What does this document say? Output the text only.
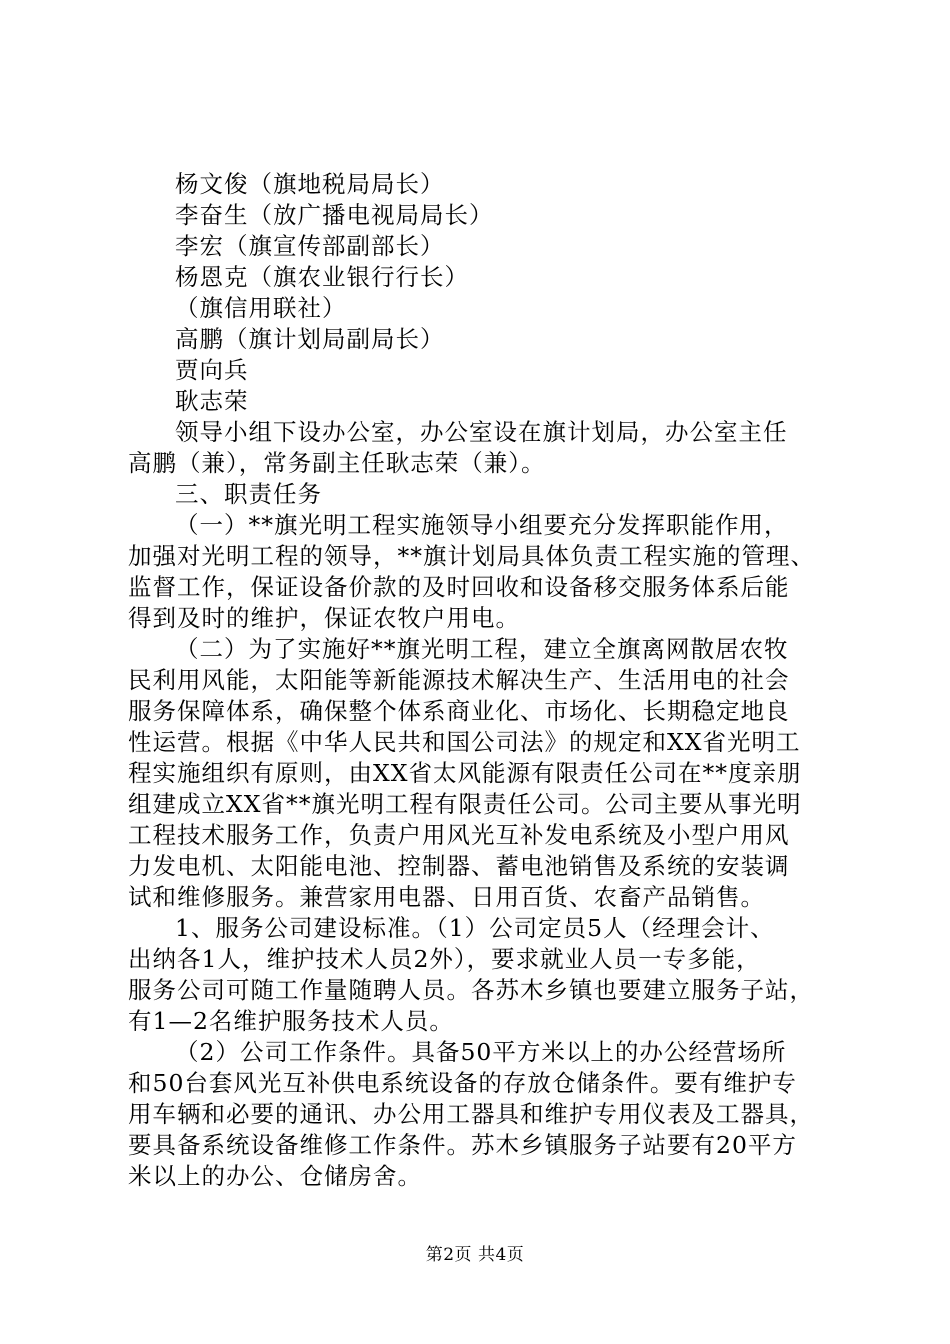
杨文俊（旗地税局局长）
李奋生（放广播电视局局长）
李宏（旗宣传部副部长）
杨恩克（旗农业银行行长）
（旗信用联社）
高鹏（旗计划局副局长）
贾向兵
耿志荣
领导小组下设办公室，办公室设在旗计划局，办公室主任
高鹏（兼），常务副主任耿志荣（兼）。
三、职责任务
（一）**旗光明工程实施领导小组要充分发挥职能作用，
加强对光明工程的领导，**旗计划局具体负责工程实施的管理、
监督工作，保证设备价款的及时回收和设备移交服务体系后能
得到及时的维护，保证农牧户用电。
（二）为了实施好**旗光明工程，建立全旗离网散居农牧
民利用风能，太阳能等新能源技术解决生产、生活用电的社会
服务保障体系，确保整个体系商业化、市场化、长期稳定地良
性运营。根据《中华人民共和国公司法》的规定和XX省光明工
程实施组织有原则，由XX省太风能源有限责任公司在**度亲朋
组建成立XX省**旗光明工程有限责任公司。公司主要从事光明
工程技术服务工作，负责户用风光互补发电系统及小型户用风
力发电机、太阳能电池、控制器、蓄电池销售及系统的安装调
试和维修服务。兼营家用电器、日用百货、农畜产品销售。
1、服务公司建设标准。（1）公司定员5人（经理会计、
出纳各1人，维护技术人员2外），要求就业人员一专多能，
服务公司可随工作量随聘人员。各苏木乡镇也要建立服务子站，
有1—2名维护服务技术人员。
（2）公司工作条件。具备50平方米以上的办公经营场所
和50台套风光互补供电系统设备的存放仓储条件。要有维护专
用车辆和必要的通讯、办公用工器具和维护专用仪表及工器具，
要具备系统设备维修工作条件。苏木乡镇服务子站要有20平方
米以上的办公、仓储房舍。
第2页 共4页
